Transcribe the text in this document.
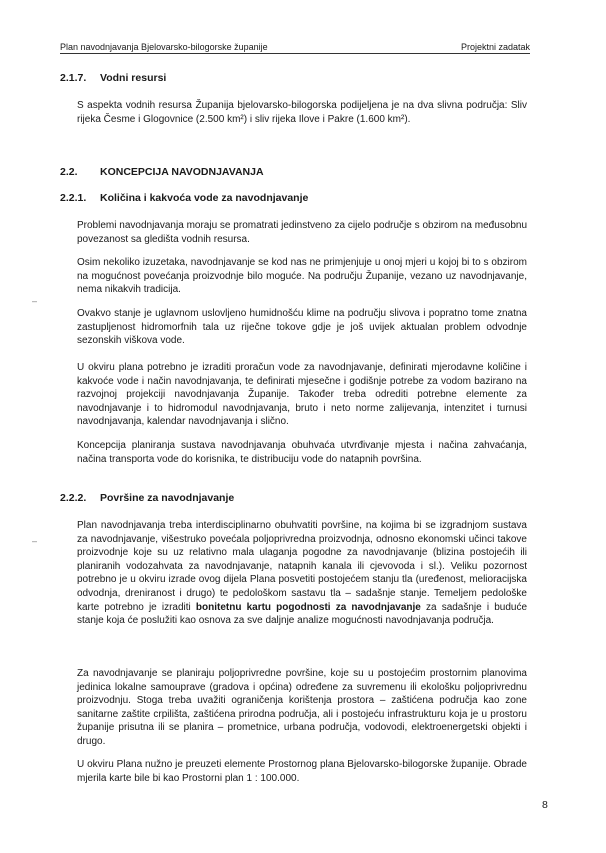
Plan navodnjavanja Bjelovarsko-bilogorske županije	Projektni zadatak
2.1.7. Vodni resursi

S aspekta vodnih resursa Županija bjelovarsko-bilogorska podijeljena je na dva slivna područja: Sliv rijeka Česme i Glogovnice (2.500 km²) i sliv rijeka Ilove i Pakre (1.600 km²).

2.2. KONCEPCIJA NAVODNJAVANJA
2.2.1. Količina i kakvoća vode za navodnjavanje

Problemi navodnjavanja moraju se promatrati jedinstveno za cijelo područje s obzirom na međusobnu povezanost sa gledišta vodnih resursa.

Osim nekoliko izuzetaka, navodnjavanje se kod nas ne primjenjuje u onoj mjeri u kojoj bi to s obzirom na mogućnost povećanja proizvodnje bilo moguće. Na području Županije, vezano uz navodnjavanje, nema nikakvih tradicija.

Ovakvo stanje je uglavnom uslovljeno humidnošću klime na području slivova i popratno tome znatna zastupljenost hidromorfnih tala uz riječne tokove gdje je još uvijek aktualan problem odvodnje sezonskih viškova vode.

U okviru plana potrebno je izraditi proračun vode za navodnjavanje, definirati mjerodavne količine i kakvoće vode i način navodnjavanja, te definirati mjesečne i godišnje potrebe za vodom bazirano na razvojnoj projekciji navodnjavanja Županije. Također treba odrediti potrebne elemente za navodnjavanje i to hidromodul navodnjavanja, bruto i neto norme zalijevanja, intenzitet i turnusi navodnjavanja, kalendar navodnjavanja i slično.

Koncepcija planiranja sustava navodnjavanja obuhvaća utvrđivanje mjesta i načina zahvaćanja, načina transporta vode do korisnika, te distribuciju vode do natapnih površina.

2.2.2. Površine za navodnjavanje

Plan navodnjavanja treba interdisciplinarno obuhvatiti površine, na kojima bi se izgradnjom sustava za navodnjavanje, višestruko povećala poljoprivredna proizvodnja, odnosno ekonomski učinci takove proizvodnje koje su uz relativno mala ulaganja pogodne za navodnjavanje (blizina postojećih ili planiranih vodozahvata za navodnjavanje, natapnih kanala ili cjevovoda i sl.). Veliku pozornost potrebno je u okviru izrade ovog dijela Plana posvetiti postojećem stanju tla (uređenost, melioracijska odvodnja, dreniranost i drugo) te pedološkom sastavu tla – sadašnje stanje. Temeljem pedološke karte potrebno je izraditi bonitetnu kartu pogodnosti za navodnjavanje za sadašnje i buduće stanje koja će poslužiti kao osnova za sve daljnje analize mogućnosti navodnjavanja područja.

Za navodnjavanje se planiraju poljoprivredne površine, koje su u postojećim prostornim planovima jedinica lokalne samouprave (gradova i općina) određene za suvremenu ili ekološku poljoprivrednu proizvodnju. Stoga treba uvažiti ograničenja korištenja prostora – zaštićena područja kao zone sanitarne zaštite crpilišta, zaštićena prirodna područja, ali i postojeću infrastrukturu koja je u prostoru županije prisutna ili se planira – prometnice, urbana područja, vodovodi, elektroenergetski objekti i drugo.

U okviru Plana nužno je preuzeti elemente Prostornog plana Bjelovarsko-bilogorske županije. Obrade mjerila karte bile bi kao Prostorni plan 1 : 100.000.

–
–
8
